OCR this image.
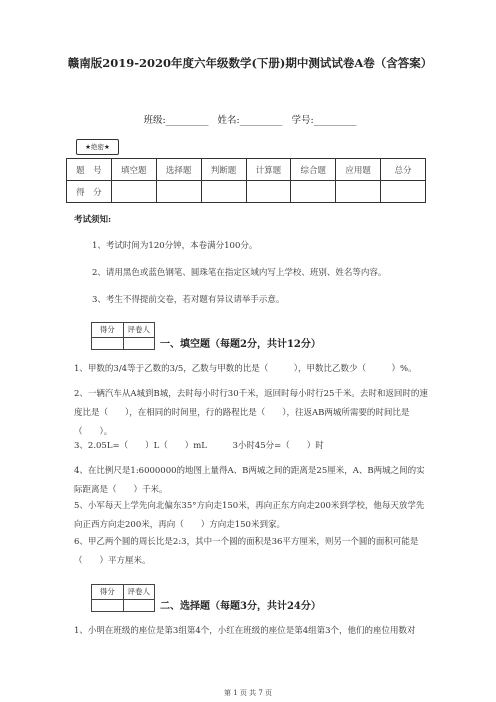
赣南版2019-2020年度六年级数学(下册)期中测试试卷A卷（含答案）
班级:_________   姓名:_________   学号:_________
★绝密★
题　号	填空题	选择题	判断题	计算题	综合题	应用题	总分
得　分							
考试须知:
1、考试时间为120分钟，本卷满分100分。
2、请用黑色或蓝色钢笔、圆珠笔在指定区域内写上学校、班别、姓名等内容。
3、考生不得提前交卷，若对题有异议请举手示意。
得分	评卷人
一、填空题（每题2分，共计12分）
1、甲数的3/4等于乙数的3/5，乙数与甲数的比是（　　　），甲数比乙数少（　　　）%。
2、一辆汽车从A城到B城，去时每小时行30千米，返回时每小时行25千米。去时和返回时的速度比是（　　），在相同的时间里，行的路程比是（　　），往返AB两城所需要的时间比是（　　）。
3、2.05L=（　　）L（　　）mL　　　3小时45分=（　　）时
4、在比例尺是1:6000000的地图上量得A、B两城之间的距离是25厘米，A、B两城之间的实际距离是（　　）千米。
5、小军每天上学先向北偏东35°方向走150米，再向正东方向走200米到学校，他每天放学先向正西方向走200米，再向（　　）方向走150米到家。
6、甲乙两个圆的周长比是2:3，其中一个圆的面积是36平方厘米，则另一个圆的面积可能是（　　）平方厘米。
得分	评卷人
二、选择题（每题3分，共计24分）
1、小明在班级的座位是第3组第4个，小红在班级的座位是第4组第3个，他们的座位用数对
第 1 页 共 7 页
